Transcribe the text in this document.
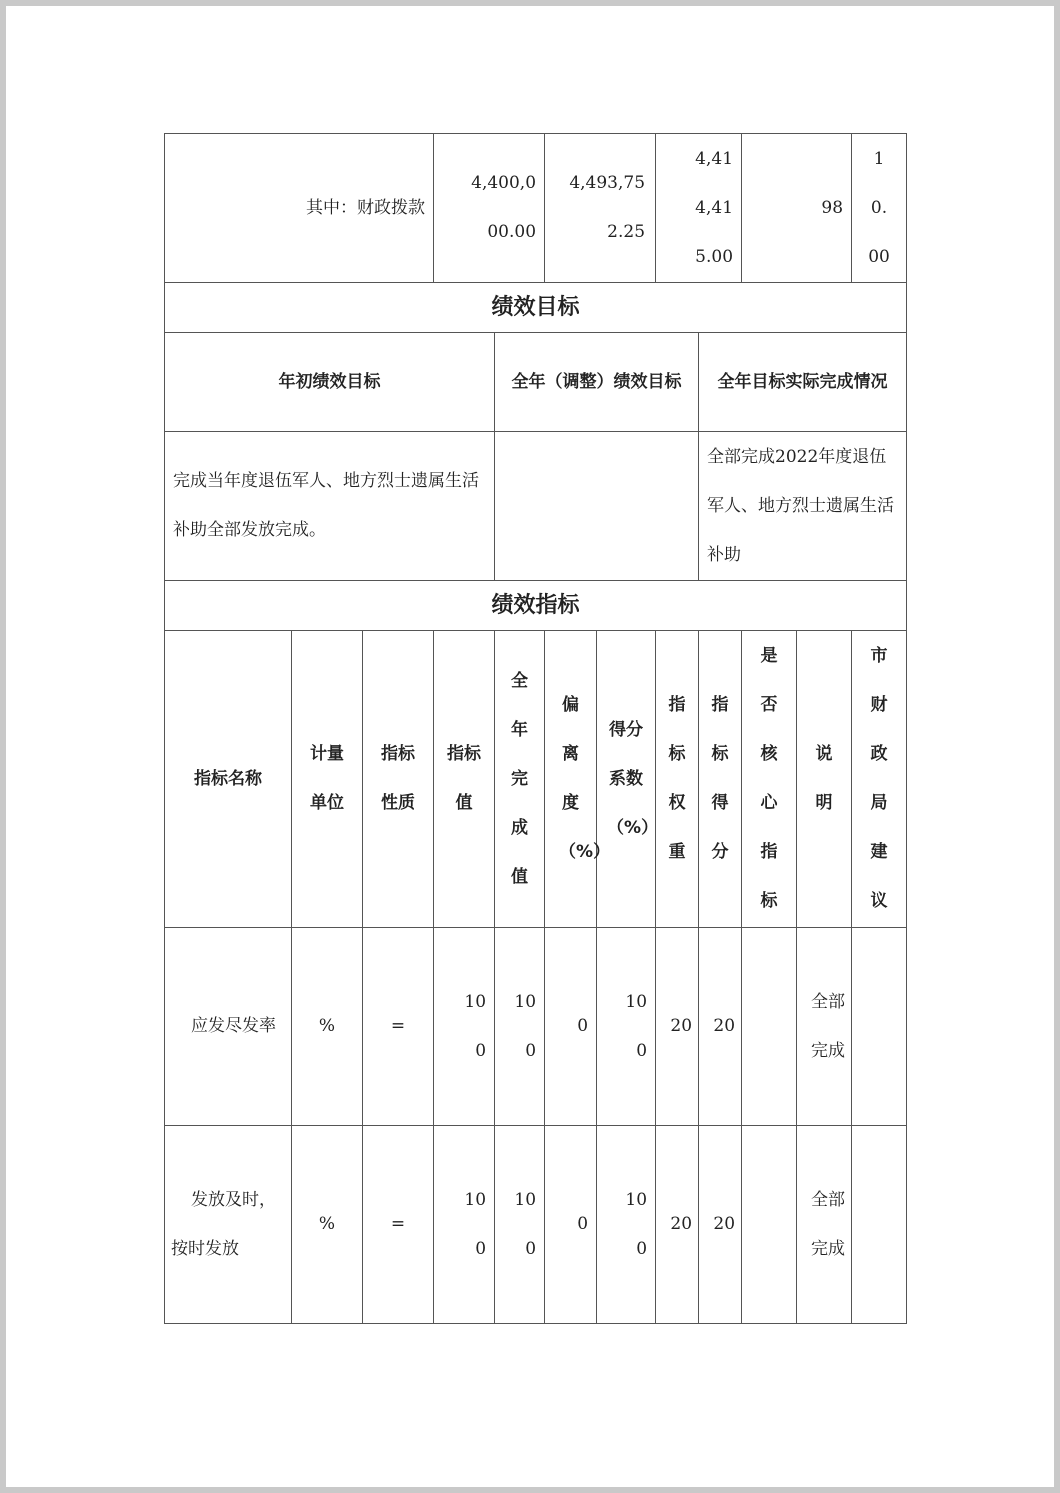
其中：财政拨款			4,400,000.00		4,493,752.25		4,414,415.00		98		10.00	
绩效目标												
年初绩效目标				全年（调整）绩效目标				全年目标实际完成情况				
完成当年度退伍军人、地方烈士遗属生活补助全部发放完成。								全部完成2022年度退伍军人、地方烈士遗属生活补助				
绩效指标												
指标名称	计量单位	指标性质	指标值	全年完成值	偏离度（%）	得分系数（%）	指标权重	指标得分	是否核心指标	说明	市财政局建议	
应发尽发率	%	=	100	100	0	100	20	20		全部完成		
发放及时，按时发放	%	=	100	100	0	100	20	20		全部完成		
